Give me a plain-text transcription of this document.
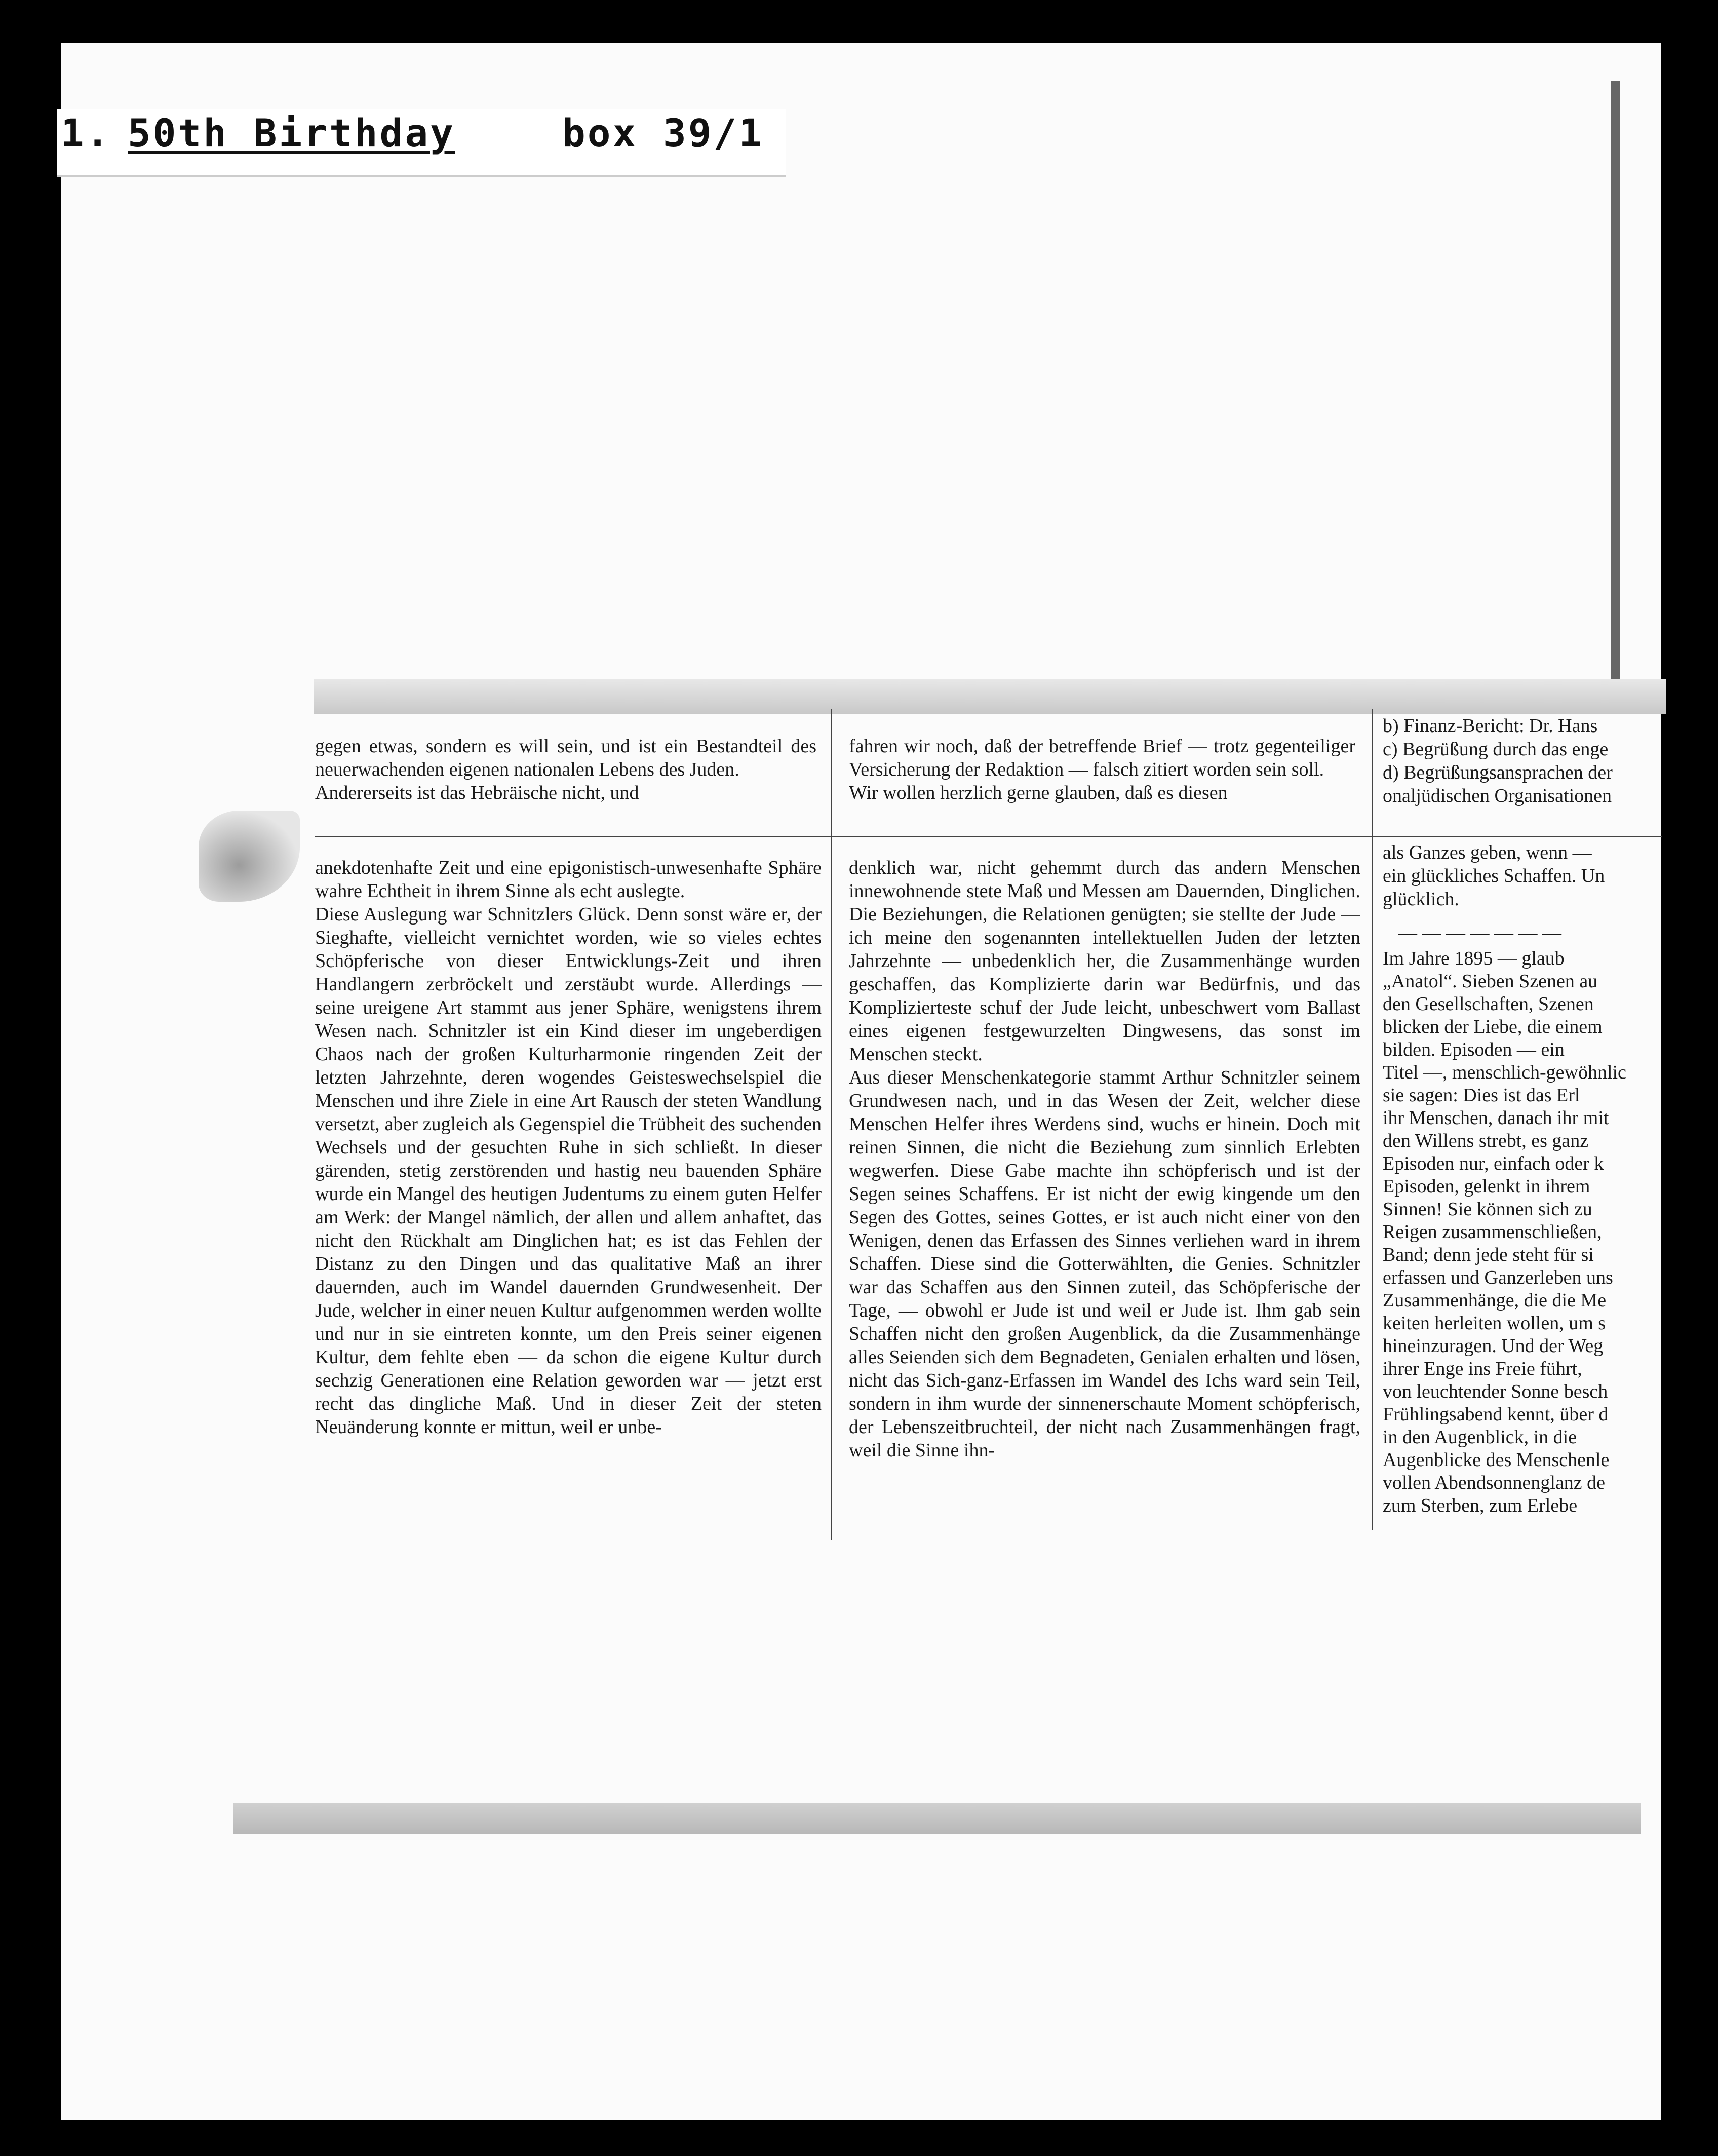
1. 50th Birthday	box 39/1

gegen etwas, sondern es will sein, und ist ein Bestandteil des neuerwachenden eigenen nationalen Lebens des Juden.
Andererseits ist das Hebräische nicht, und

fahren wir noch, daß der betreffende Brief — trotz gegenteiliger Versicherung der Redaktion — falsch zitiert worden sein soll.
Wir wollen herzlich gerne glauben, daß es diesen

b) Finanz-Bericht: Dr. Hans
c) Begrüßung durch das enge
d) Begrüßungsansprachen der
onaljüdischen Organisationen

anekdotenhafte Zeit und eine epigonistisch-unwesenhafte Sphäre wahre Echtheit in ihrem Sinne als echt auslegte.
Diese Auslegung war Schnitzlers Glück. Denn sonst wäre er, der Sieghafte, vielleicht vernichtet worden, wie so vieles echtes Schöpferische von dieser Entwicklungs-Zeit und ihren Handlangern zerbröckelt und zerstäubt wurde. Allerdings — seine ureigene Art stammt aus jener Sphäre, wenigstens ihrem Wesen nach. Schnitzler ist ein Kind dieser im ungeberdigen Chaos nach der großen Kulturharmonie ringenden Zeit der letzten Jahrzehnte, deren wogendes Geisteswechselspiel die Menschen und ihre Ziele in eine Art Rausch der steten Wandlung versetzt, aber zugleich als Gegenspiel die Trübheit des suchenden Wechsels und der gesuchten Ruhe in sich schließt. In dieser gärenden, stetig zerstörenden und hastig neu bauenden Sphäre wurde ein Mangel des heutigen Judentums zu einem guten Helfer am Werk: der Mangel nämlich, der allen und allem anhaftet, das nicht den Rückhalt am Dinglichen hat; es ist das Fehlen der Distanz zu den Dingen und das qualitative Maß an ihrer dauernden, auch im Wandel dauernden Grundwesenheit. Der Jude, welcher in einer neuen Kultur aufgenommen werden wollte und nur in sie eintreten konnte, um den Preis seiner eigenen Kultur, dem fehlte eben — da schon die eigene Kultur durch sechzig Generationen eine Relation geworden war — jetzt erst recht das dingliche Maß. Und in dieser Zeit der steten Neuänderung konnte er mittun, weil er unbe-

denklich war, nicht gehemmt durch das andern Menschen innewohnende stete Maß und Messen am Dauernden, Dinglichen. Die Beziehungen, die Relationen genügten; sie stellte der Jude — ich meine den sogenannten intellektuellen Juden der letzten Jahrzehnte — unbedenklich her, die Zusammenhänge wurden geschaffen, das Komplizierte darin war Bedürfnis, und das Komplizierteste schuf der Jude leicht, unbeschwert vom Ballast eines eigenen festgewurzelten Dingwesens, das sonst im Menschen steckt.
Aus dieser Menschenkategorie stammt Arthur Schnitzler seinem Grundwesen nach, und in das Wesen der Zeit, welcher diese Menschen Helfer ihres Werdens sind, wuchs er hinein. Doch mit reinen Sinnen, die nicht die Beziehung zum sinnlich Erlebten wegwerfen. Diese Gabe machte ihn schöpferisch und ist der Segen seines Schaffens. Er ist nicht der ewig kingende um den Segen des Gottes, seines Gottes, er ist auch nicht einer von den Wenigen, denen das Erfassen des Sinnes verliehen ward in ihrem Schaffen. Diese sind die Gotterwählten, die Genies. Schnitzler war das Schaffen aus den Sinnen zuteil, das Schöpferische der Tage, — obwohl er Jude ist und weil er Jude ist. Ihm gab sein Schaffen nicht den großen Augenblick, da die Zusammenhänge alles Seienden sich dem Begnadeten, Genialen erhalten und lösen, nicht das Sich-ganz-Erfassen im Wandel des Ichs ward sein Teil, sondern in ihm wurde der sinnenerschaute Moment schöpferisch, der Lebenszeitbruchteil, der nicht nach Zusammenhängen fragt, weil die Sinne ihn-

als Ganzes geben, wenn —
ein glückliches Schaffen. Un
glücklich.

— — — — — — —

Im Jahre 1895 — glaub
„Anatol“. Sieben Szenen au
den Gesellschaften, Szenen
blicken der Liebe, die einem
bilden. Episoden — ein
Titel —, menschlich-gewöhnlic
sie sagen: Dies ist das Erl
ihr Menschen, danach ihr mit
den Willens strebt, es ganz
Episoden nur, einfach oder k
Episoden, gelenkt in ihrem
Sinnen! Sie können sich zu
Reigen zusammenschließen,
Band; denn jede steht für si
erfassen und Ganzerleben uns
Zusammenhänge, die die Me
keiten herleiten wollen, um s
hineinzuragen. Und der Weg
ihrer Enge ins Freie führt,
von leuchtender Sonne besch
Frühlingsabend kennt, über d
in den Augenblick, in die
Augenblicke des Menschenle
vollen Abendsonnenglanz de
zum Sterben, zum Erlebe
